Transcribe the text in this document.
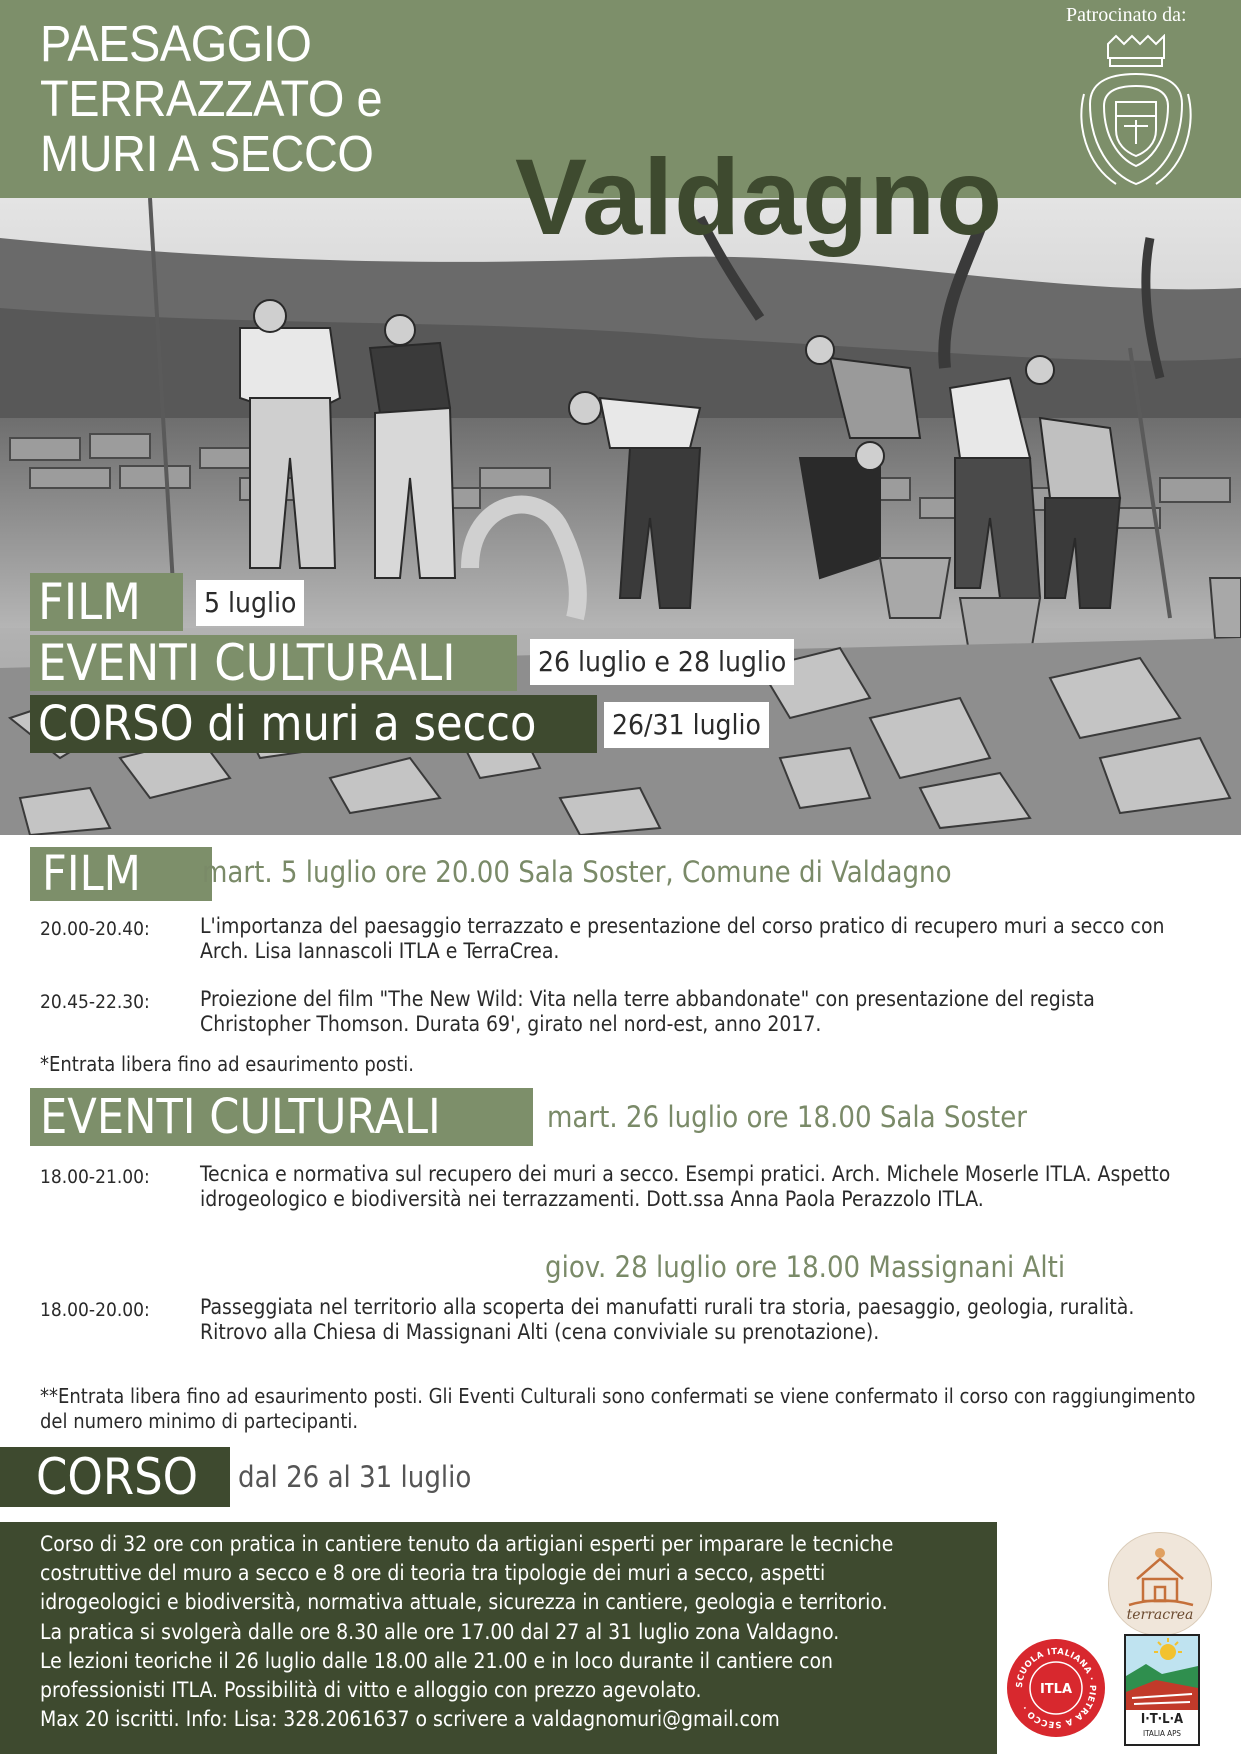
PAESAGGIO
TERRAZZATO e
MURI A SECCO
Patrocinato da:
Valdagno
FILM 5 luglio
EVENTI CULTURALI	26 luglio e 28 luglio
CORSO di muri a secco	26/31 luglio
FILM mart. 5 luglio ore 20.00 Sala Soster, Comune di Valdagno
20.00-20.40: L'importanza del paesaggio terrazzato e presentazione del corso pratico di recupero muri a secco con Arch. Lisa Iannascoli ITLA e TerraCrea.
20.45-22.30: Proiezione del film "The New Wild: Vita nella terre abbandonate" con presentazione del regista Christopher Thomson. Durata 69', girato nel nord-est, anno 2017.
*Entrata libera fino ad esaurimento posti.
EVENTI CULTURALI	mart. 26 luglio ore 18.00 Sala Soster
18.00-21.00: Tecnica e normativa sul recupero dei muri a secco. Esempi pratici. Arch. Michele Moserle ITLA. Aspetto idrogeologico e biodiversità nei terrazzamenti. Dott.ssa Anna Paola Perazzolo ITLA.
giov. 28 luglio ore 18.00 Massignani Alti
18.00-20.00: Passeggiata nel territorio alla scoperta dei manufatti rurali tra storia, paesaggio, geologia, ruralità. Ritrovo alla Chiesa di Massignani Alti (cena conviviale su prenotazione).
**Entrata libera fino ad esaurimento posti. Gli Eventi Culturali sono confermati se viene confermato il corso con raggiungimento del numero minimo di partecipanti.
CORSO dal 26 al 31 luglio
Corso di 32 ore con pratica in cantiere tenuto da artigiani esperti per imparare le tecniche
costruttive del muro a secco e 8 ore di teoria tra tipologie dei muri a secco, aspetti
idrogeologici e biodiversità, normativa attuale, sicurezza in cantiere, geologia e territorio.
La pratica si svolgerà dalle ore 8.30 alle ore 17.00 dal 27 al 31 luglio zona Valdagno.
Le lezioni teoriche il 26 luglio dalle 18.00 alle 21.00 e in loco durante il cantiere con
professionisti ITLA. Possibilità di vitto e alloggio con prezzo agevolato.
Max 20 iscritti. Info: Lisa: 328.2061637 o scrivere a valdagnomuri@gmail.com
terracrea
SCUOLA ITALIANA · PIETRA A SECCO ·
ITLA
I·T·L·A
ITALIA APS
